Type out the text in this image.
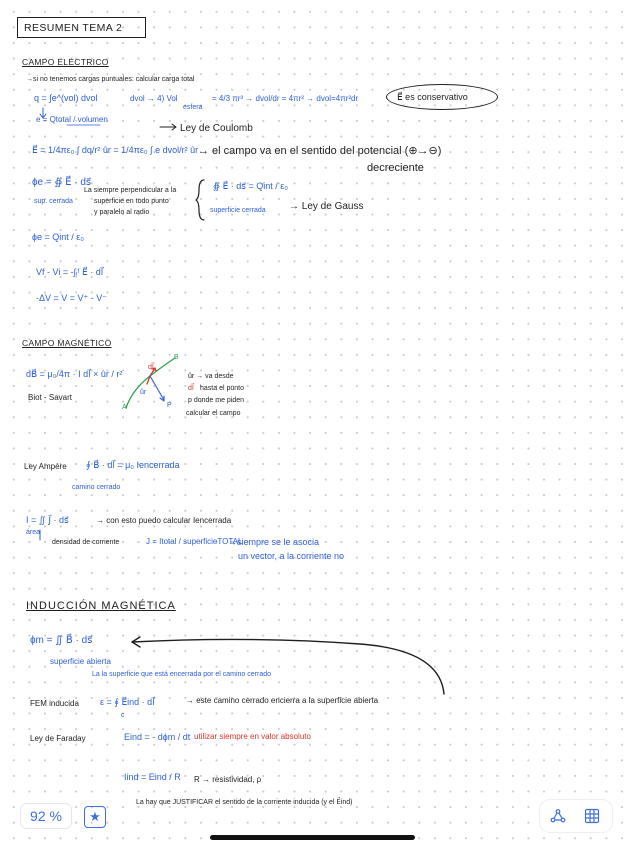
RESUMEN TEMA 2
CAMPO ELÉCTRICO
→si no tenemos cargas puntuales: calcular carga total
q = ∫e^(vol) dvol	dvol → 4) Vol
esfera
= 4/3 πr³ → dvol/dr = 4πr² → dvol=4πr²dr	E⃗ es conservativo
e = Qtotal / volumen
Ley de Coulomb
E⃗ = 1/4πε₀ ∫ dq/r² ûr = 1/4πε₀ ∫ e dvol/r² ûr → el campo va en el sentido del potencial (⊕→⊖)
decreciente
ɸe = ∯ E⃗ · ds⃗
sup. cerrada
La siempre perpendicular a la
superficie en todo punto
y paralelo al radio
∯ E⃗ · ds⃗ = Qint / ε₀
superficie cerrada → Ley de Gauss
ɸe = Qint / ε₀
Vf - Vi = -∫ᵢᶠ E⃗ · dl⃗
-ΔV = V = V⁺ - V⁻
CAMPO MAGNÉTICO
dB⃗ = μ₀/4π · I dl⃗ × ûr / r²
Biot - Savart
ûr
dl⃗
P
A
B
ûr → va desde
dl⃗ hasta el punto
p donde me piden
calcular el campo
Ley Ampère ∮ B⃗ · dl⃗ = μ₀ Iencerrada
camino cerrado
I = ∬ J⃗ · ds⃗
área
→ con esto puedo calcular Iencerrada
densidad de corriente	J = Itotal / superficieTOTAL
→siempre se le asocia
un vector, a la corriente no
INDUCCIÓN MAGNÉTICA
ɸm = ∬ B⃗ · ds⃗
superficie abierta
La la superficie que está encerrada por el camino cerrado
FEM inducida ε = ∮ E⃗ind · dl⃗
c
→ este camino cerrado encierra a la superficie abierta
Ley de Faraday	Eind = - dɸm / dt utilizar siempre en valor absoluto
Iind = Eind / R R → resistividad, ρ
La hay que JUSTIFICAR el sentido de la corriente inducida (y el E⃗ind)
92 %	★
